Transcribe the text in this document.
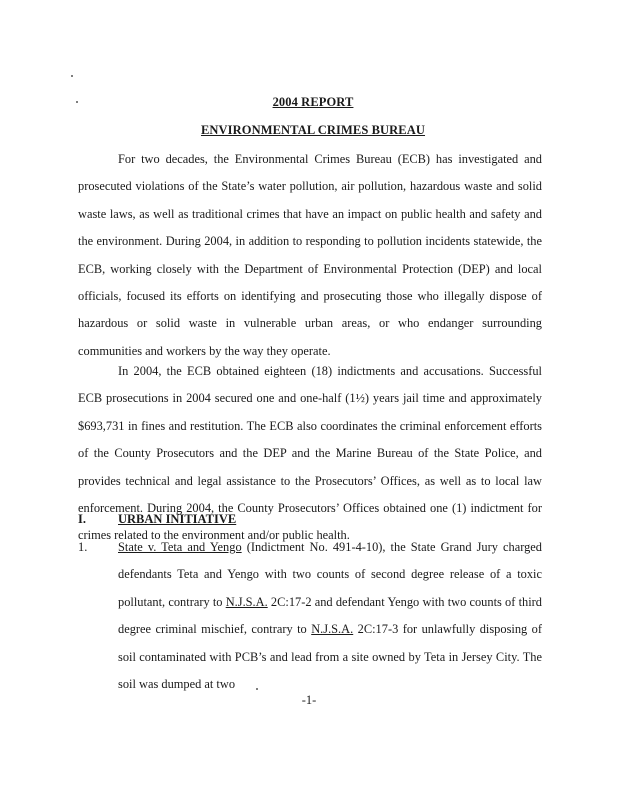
2004 REPORT
ENVIRONMENTAL CRIMES BUREAU

For two decades, the Environmental Crimes Bureau (ECB) has investigated and prosecuted violations of the State’s water pollution, air pollution, hazardous waste and solid waste laws, as well as traditional crimes that have an impact on public health and safety and the environment. During 2004, in addition to responding to pollution incidents statewide, the ECB, working closely with the Department of Environmental Protection (DEP) and local officials, focused its efforts on identifying and prosecuting those who illegally dispose of hazardous or solid waste in vulnerable urban areas, or who endanger surrounding communities and workers by the way they operate.

In 2004, the ECB obtained eighteen (18) indictments and accusations. Successful ECB prosecutions in 2004 secured one and one-half (1½) years jail time and approximately $693,731 in fines and restitution. The ECB also coordinates the criminal enforcement efforts of the County Prosecutors and the DEP and the Marine Bureau of the State Police, and provides technical and legal assistance to the Prosecutors’ Offices, as well as to local law enforcement. During 2004, the County Prosecutors’ Offices obtained one (1) indictment for crimes related to the environment and/or public health.

I.	URBAN INITIATIVE
1. State v. Teta and Yengo (Indictment No. 491-4-10), the State Grand Jury charged defendants Teta and Yengo with two counts of second degree release of a toxic pollutant, contrary to N.J.S.A. 2C:17-2 and defendant Yengo with two counts of third degree criminal mischief, contrary to N.J.S.A. 2C:17-3 for unlawfully disposing of soil contaminated with PCB’s and lead from a site owned by Teta in Jersey City. The soil was dumped at two
-1-
